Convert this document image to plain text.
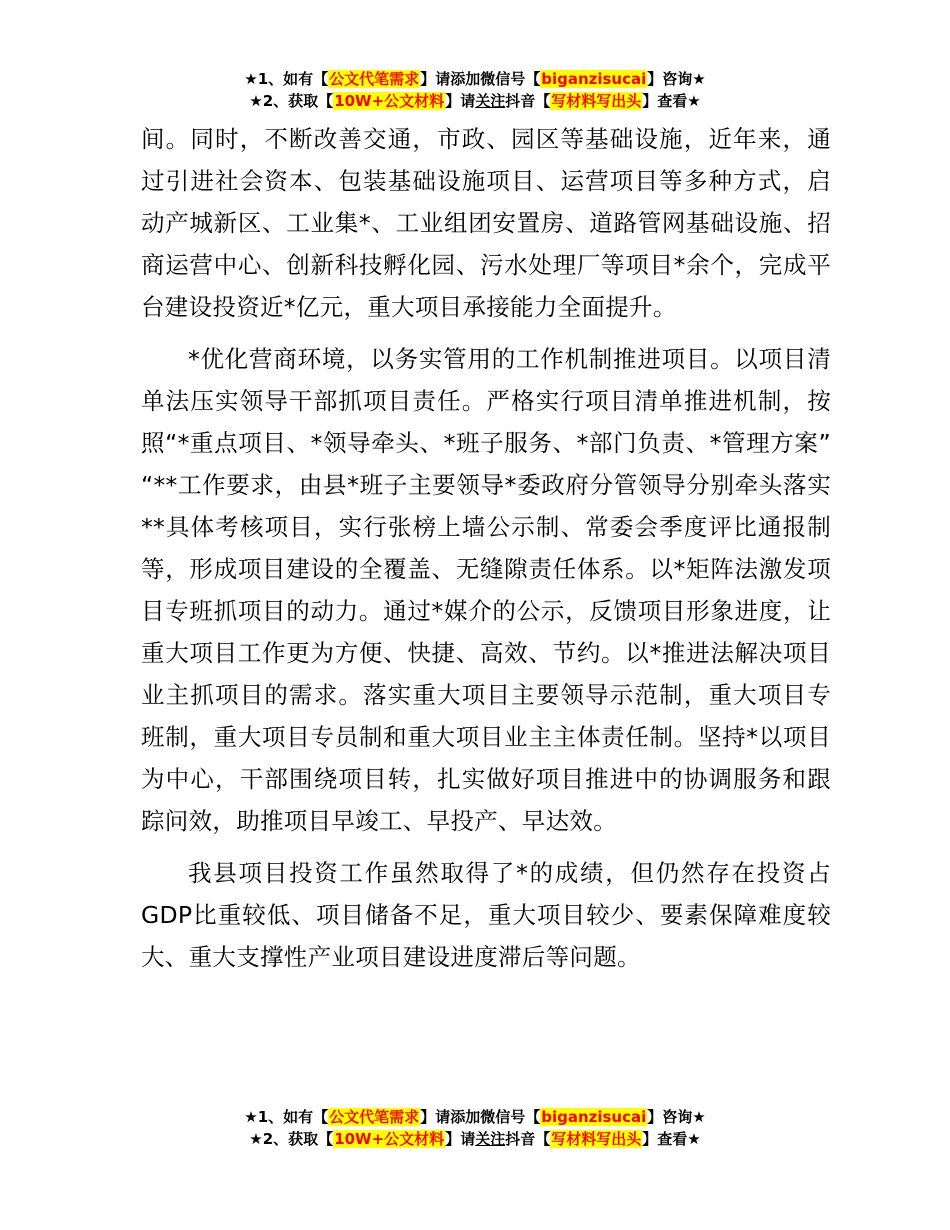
★1、如有【公文代笔需求】请添加微信号【biganzisucai】咨询★
★2、获取【10W+公文材料】请关注抖音【写材料写出头】查看★

间。同时，不断改善交通，市政、园区等基础设施，近年来，通过引进社会资本、包装基础设施项目、运营项目等多种方式，启动产城新区、工业集*、工业组团安置房、道路管网基础设施、招商运营中心、创新科技孵化园、污水处理厂等项目*余个，完成平台建设投资近*亿元，重大项目承接能力全面提升。

*优化营商环境，以务实管用的工作机制推进项目。以项目清单法压实领导干部抓项目责任。严格实行项目清单推进机制，按照“*重点项目、*领导牵头、*班子服务、*部门负责、*管理方案” “**工作要求，由县*班子主要领导*委政府分管领导分别牵头落实**具体考核项目，实行张榜上墙公示制、常委会季度评比通报制等，形成项目建设的全覆盖、无缝隙责任体系。以*矩阵法激发项目专班抓项目的动力。通过*媒介的公示，反馈项目形象进度，让重大项目工作更为方便、快捷、高效、节约。以*推进法解决项目业主抓项目的需求。落实重大项目主要领导示范制，重大项目专班制，重大项目专员制和重大项目业主主体责任制。坚持*以项目为中心，干部围绕项目转，扎实做好项目推进中的协调服务和跟踪问效，助推项目早竣工、早投产、早达效。

我县项目投资工作虽然取得了*的成绩，但仍然存在投资占GDP比重较低、项目储备不足，重大项目较少、要素保障难度较大、重大支撑性产业项目建设进度滞后等问题。

★1、如有【公文代笔需求】请添加微信号【biganzisucai】咨询★
★2、获取【10W+公文材料】请关注抖音【写材料写出头】查看★
